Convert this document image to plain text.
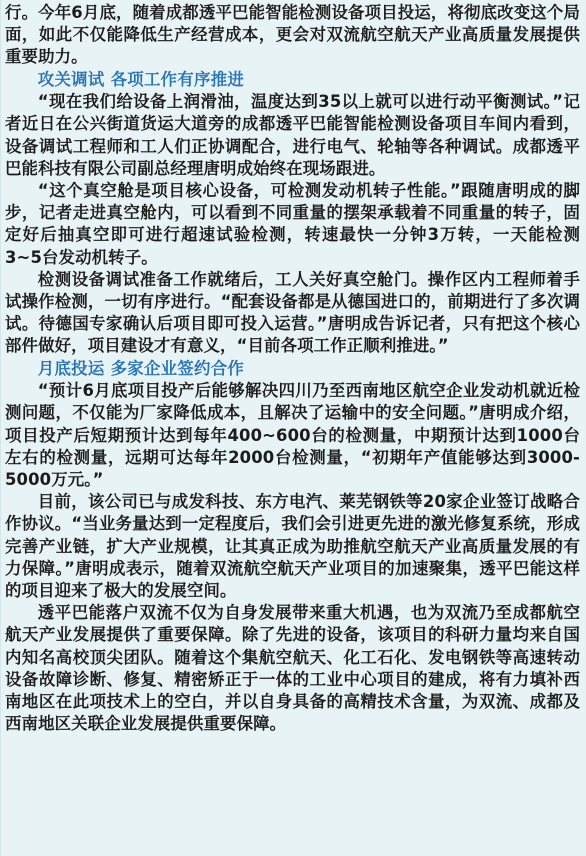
行。今年6月底，随着成都透平巴能智能检测设备项目投运，将彻底改变这个局面，如此不仅能降低生产经营成本，更会对双流航空航天产业高质量发展提供重要助力。

攻关调试 各项工作有序推进

“现在我们给设备上润滑油，温度达到35以上就可以进行动平衡测试。”记者近日在公兴街道货运大道旁的成都透平巴能智能检测设备项目车间内看到，设备调试工程师和工人们正协调配合，进行电气、轮轴等各种调试。成都透平巴能科技有限公司副总经理唐明成始终在现场跟进。

“这个真空舱是项目核心设备，可检测发动机转子性能。”跟随唐明成的脚步，记者走进真空舱内，可以看到不同重量的摆架承载着不同重量的转子，固定好后抽真空即可进行超速试验检测，转速最快一分钟3万转，一天能检测3~5台发动机转子。

检测设备调试准备工作就绪后，工人关好真空舱门。操作区内工程师着手试操作检测，一切有序进行。“配套设备都是从德国进口的，前期进行了多次调试。待德国专家确认后项目即可投入运营。”唐明成告诉记者，只有把这个核心部件做好，项目建设才有意义，“目前各项工作正顺利推进。”

月底投运 多家企业签约合作

“预计6月底项目投产后能够解决四川乃至西南地区航空企业发动机就近检测问题，不仅能为厂家降低成本，且解决了运输中的安全问题。”唐明成介绍，项目投产后短期预计达到每年400~600台的检测量，中期预计达到1000台左右的检测量，远期可达每年2000台检测量，“初期年产值能够达到3000-5000万元。”

目前，该公司已与成发科技、东方电汽、莱芜钢铁等20家企业签订战略合作协议。“当业务量达到一定程度后，我们会引进更先进的激光修复系统，形成完善产业链，扩大产业规模，让其真正成为助推航空航天产业高质量发展的有力保障。”唐明成表示，随着双流航空航天产业项目的加速聚集，透平巴能这样的项目迎来了极大的发展空间。

透平巴能落户双流不仅为自身发展带来重大机遇，也为双流乃至成都航空航天产业发展提供了重要保障。除了先进的设备，该项目的科研力量均来自国内知名高校顶尖团队。随着这个集航空航天、化工石化、发电钢铁等高速转动设备故障诊断、修复、精密矫正于一体的工业中心项目的建成，将有力填补西南地区在此项技术上的空白，并以自身具备的高精技术含量，为双流、成都及西南地区关联企业发展提供重要保障。
